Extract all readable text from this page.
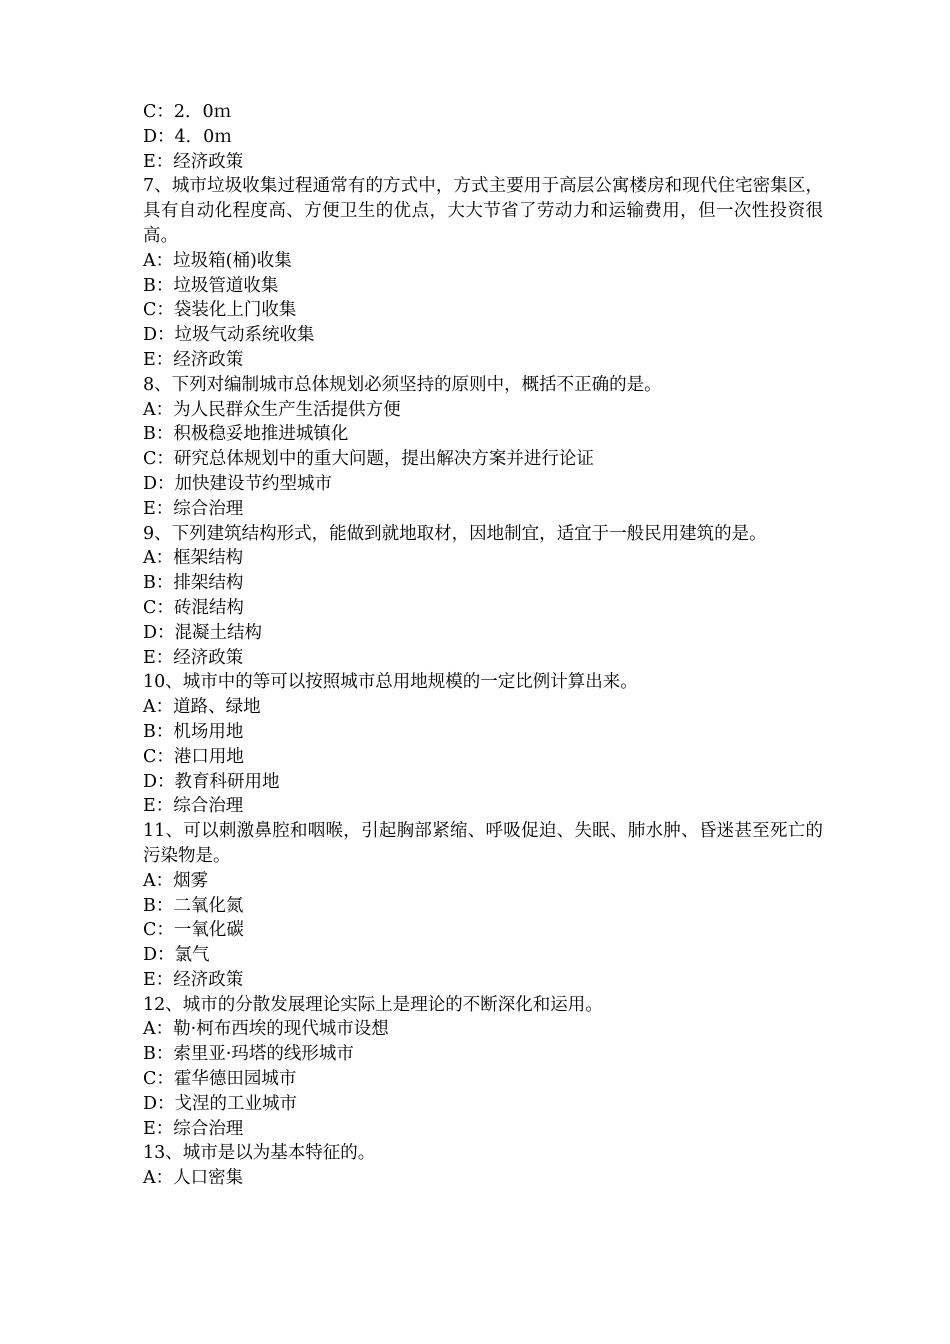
C：2．0ｍ

D：4．0ｍ

E：经济政策

7、城市垃圾收集过程通常有的方式中，方式主要用于高层公寓楼房和现代住宅密集区，具有自动化程度高、方便卫生的优点，大大节省了劳动力和运输费用，但一次性投资很高。

A：垃圾箱(桶)收集

B：垃圾管道收集

C：袋装化上门收集

D：垃圾气动系统收集

E：经济政策

8、下列对编制城市总体规划必须坚持的原则中，概括不正确的是。

A：为人民群众生产生活提供方便

B：积极稳妥地推进城镇化

C：研究总体规划中的重大问题，提出解决方案并进行论证

D：加快建设节约型城市

E：综合治理

9、下列建筑结构形式，能做到就地取材，因地制宜，适宜于一般民用建筑的是。

A：框架结构

B：排架结构

C：砖混结构

D：混凝土结构

E：经济政策

10、城市中的等可以按照城市总用地规模的一定比例计算出来。

A：道路、绿地

B：机场用地

C：港口用地

D：教育科研用地

E：综合治理

11、可以刺激鼻腔和咽喉，引起胸部紧缩、呼吸促迫、失眠、肺水肿、昏迷甚至死亡的污染物是。

A：烟雾

B：二氧化氮

C：一氧化碳

D：氯气

E：经济政策

12、城市的分散发展理论实际上是理论的不断深化和运用。

A：勒·柯布西埃的现代城市设想

B：索里亚·玛塔的线形城市

C：霍华德田园城市

D：戈涅的工业城市

E：综合治理

13、城市是以为基本特征的。

A：人口密集
